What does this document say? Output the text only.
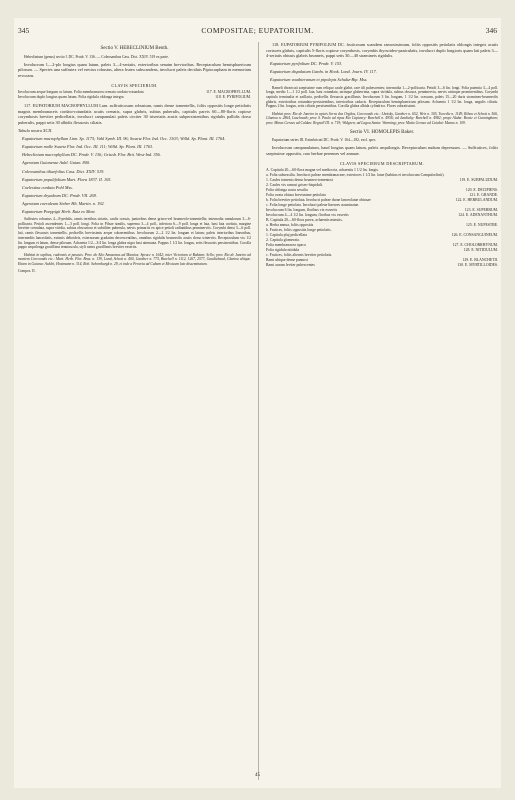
345	COMPOSITAE; EUPATORIUM.	346
Sectio V. HEBECLINIUM Benth.

Hebeclinium (genus) sectio I. DC. Prodr. V. 136. — Coleosanthus Cass. Dict. XXIV. 519 ex parte.

Involucrum 1—2-plo longius quam latum, paleis 3—4-seriatis, exterioribus senaim brevioribus. Receptaculum hemisphaericum pilosum. — Species una suffrutex vel erectus robustus, altera frutex subscandens, involucri paleis deciduis Piptocarpham in memoriam revocans.

CLAVIS SPECIERUM.
Involucrum aeque longum ac latum. Folia membranacea crenata cordato-rotundata	117. E. MACROPHYLLUM.
Involucrum duplo longius quam latum. Folia rigidula oblonga integra	118. E. PYRIFOLIUM.

117. EUPATORIUM MACROPHYLLUM Lam. suffruticosum robustum, ramis dense tomentellis, foliis oppositis longe petiolatis magnis membranaceis cordato-rotundatis acutis crenatis, supra glabris, subtus puberulis, capitulis parvis 60—80-floris copiose corymbosis breviter pedicellatis, involucri campanulati paleis circiter 30 triseriatis acutis subpersistentibus rigidulis pallidis dorso puberulis, pappi setis 30 albidis flexuosis ciliatis.

Tabula nostra XCII.

Eupatorium macrophyllum Linn. Sp. 1175; Vahl Symb. III. 96; Swartz Flor. Ind. Occ. 1303; Willd. Sp. Plant. III. 1764.

Eupatorium molle Swartz Flor. Ind. Occ. III. 111; Willd. Sp. Plant. III. 1763.

Hebeclinium macrophyllum DC. Prodr. V. 136; Grisob. Flor. Brit. West-Ind. 356.

Ageratum Guianense Aubl. Guian. 800.

Coleosanthus tiliaefolius Cass. Dict. XXIV. 519.

Eupatorium populifolium Mart. Flora 1837. II. 105.

Coelestina cordata Pohl Mss.

Eupatorium dryadeum DC. Prodr. VII. 269.

Ageratum coeruleum Sieber Hb. Martin. n. 192.

Eupatorium Poeppigii Herb. Ruiz ex Mart.

Suffrutex robustus 4—8-pedalis, ramis teretibus striatis, caulis crassis, junioribus dense griseo-vel brunneolo-tomentellis; internodia ramulorum 3—6-pollicaria. Petioli ascendentes 1—3 poll. longi. Folia in Pilsae similis, suprema 3—4 poll., inferiora 6—9 poll. longa et lata, basi lata cordata, margine breviter crenulata, supra viridia, subtus obscuriora et subtiliter puberula, nervis primariis ex apice petioli radiantibus penninerviis. Corymbi densi 3—6 poll. lati, ramis flexuosis tomentellis, pedicellis brevissimis aeque cohaerentibus. Involucrum 2—2 1/2 lin. longum et latum; paleis interioribus linearibus, intermediis lanceolatis, extimis deltoideis, externorum gradatim decrescentibus, omnibus rigidulis brunneolis acutis dorso trinerviis. Receptaculum vix 1/2 lin. longum et latum, dense pilosum. Achaenia 1/2—3/4 lin. longa glabra nigra basi attenuata. Pappus 1 1/2 lin. longus, setis flexuosis persistentibus. Corolla pappo aequilonga gracillima tenuiuscula, styli ramis gracillimis breviter exsertis.

Habitat in sepibus, ruderatis et pascuis. Prov. do Alto Amazonas ad Manáos: Spruce n. 1642; inter Victoriam et Bahiam: Sello; prov. Rio de Janeiro ad montem Corcovado etc.: Mart. Herb. Flor. Bras. n. 139, Lund, Schott n. 400, Gardner n. 775, Burchell n. 1112, 1267, 2577, Gaudichaud, Glaziou aliique. Etiam in Guiana: Aublet, Hostmann n. 314, Rob. Schomburgk n. 29, et inde a Peruvia ad Cubam et Mexicum late disseminatum.

Compos. II.

118. EUPATORIUM PYRIFOLIUM DC. fruticosum scandens ramosissimum, foliis oppositis petiolatis oblongis integris acutis coriaceis glabris, capitulis 5-floris copiose corymbosis, corymbis thyrsoideo-paniculatis, involucri duplo longioris quam lati paleis 3—4-seriatis obtusis glabris brunneis, pappi setis 30—40 stramineis rigidulis.

Eupatorium pyrifolium DC. Prodr. V. 153.

Eupatorium dispalatum Gardn. in Hook. Lond. Journ. IV. 117.

Eupatorium vauthieranum et pipolepis Schultz-Bip. Mss.

Rameli divaricati saepissime cum reliquo caule glabri, rare tili pubescentes; internodia 1—2-pollicaria. Petioli 3—6 lin. longi. Folia patentia 3—4 poll. longa, medio 1—1 1/2 poll. lata, basi rotundata, utrinque glaberrima, supra viridula, subtus obscura, penninervia, nervis utrinque prominentibus. Corymbi capitula terminalia et axillaria, pedicellis flexuosis gracillimis. Involucrum 3 lin. longum, 1 1/2 lin. crassum, paleis 15—20 duris stramineo-brunneolis glabris, exterioribus rotundato-persistentibus, interioribus caducis. Receptaculum hemisphaericum pilosum. Achaenia 1 1/2 lin. longa, angulis ciliatis. Pappus 2 lin. longus, setis ciliatis persistentibus. Corolla glabra albida cylindrica. Flores odoratissimi.

Habitat prov. Rio de Janeiro in apicis Serra dos Orgãos, Corcovado etc.: Lhotsky, Gardner n. 652, Weir n. 305, Tweedie n. 1149, Riban et Schott n. 566, Glaziou n. 2864, Luschnath; prov. S. Paulo ad ripas Rio Capivary: Burchell n. 4956; ad Jundiahy: Burchell n. 4982; prope Alaba: Bowie et Cunningham; prov. Minas Geraes ad Caldas: Regnell III. n. 719; Widgren; ad Lagoa Santa: Warming; prov. Matto Grosso ad Cuiabá: Manso n. 109.

Sectio VI. HOMOLEPIS Baker.

Eupatorium series III. Eximbricati DC. Prodr. V. 164—182, excl. spec.

Involucrum campanulatum, haud longius quam latum, paleis aequilongis. Receptaculum nudum depressum. — Suffrutices, foliis saepissime oppositis, raro herbae perennes vel annuae.

CLAVIS SPECIERUM DESCRIPTARUM.
A. Capitula 20—60-flora magna vel mediocria, achaeniis 1 1/2 lin. longis.
a. Folia subsessilia. Involucri paleae membranaceae, exteriores 1 1/2 lin. latae (habitus et involucrum Campuloclinii).
1. Caules tomento denso brunneo-tomentosi	119. E. SUBPALUDUM.
2. Caules vix ramosi griseo-hispiduli.
Folia oblonga acuta sessilia	120. E. DECIPIENS.
Folia ovata obtusa breviusime petiolata	121. E. GRANDE.
b. Folia breviter petiolata. Involucri paleae durae lanceolatae obtusae	122. E. HERBULANDUM.
c. Folia longe petiolata. Involucri paleae lineares acuminatae.
Involucrum 6 lin. longum, floribus vix exsertis	123. E. SUPERBUM.
Involucrum 4—4 1/2 lin. longum, floribus vix exsertis	124. E. ADENANTHUM.
B. Capitula 20—60-flora parva, achaeniis minutis.
a. Herba annua, foliis oppositis	125. E. NUPESTRE.
b. Frutices, foliis oppositis longe petiolatis.
1. Capitula pluj pedicellata	126. E. CONSANGUINEUM.
2. Capitula glomerata.
Folia membranacea opaca	127. E. CHOLORRHYNUM.
Folia rigidula nitidula	128. E. NITIDULUM.
c. Frutices, foliis alternis breviter petiolatis.
Rami ubique dense pannosi	129. E. BLANCHETII.
Rami aurum leviter pubescentes	130. E. MYRTILLOIDES.
45
